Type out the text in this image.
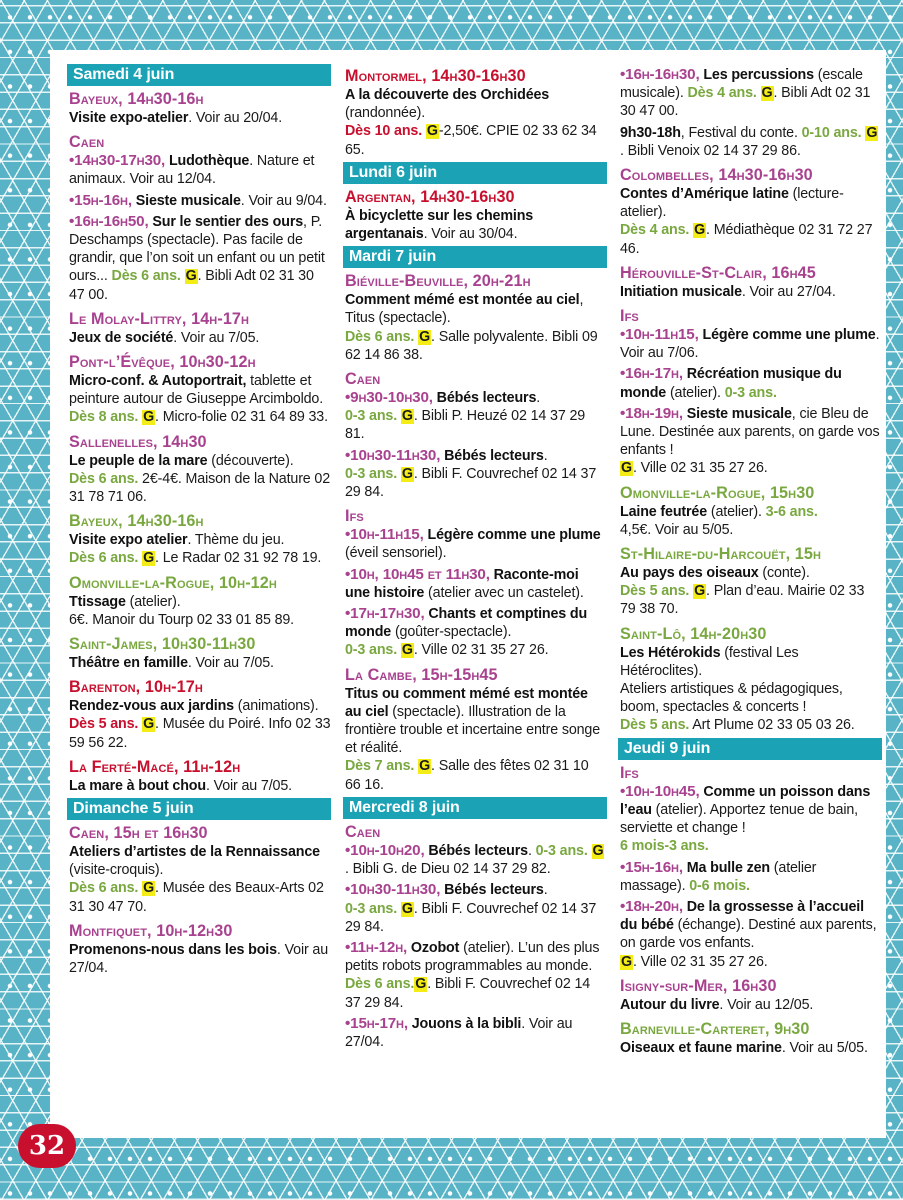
Samedi 4 juin
Bayeux, 14h30-16h
Visite expo-atelier. Voir au 20/04.
Caen
•14h30-17h30, Ludothèque. Nature et animaux. Voir au 12/04.
•15h-16h, Sieste musicale. Voir au 9/04.
•16h-16h50, Sur le sentier des ours, P. Deschamps (spectacle). Pas facile de grandir, que l’on soit un enfant ou un petit ours... Dès 6 ans. G. Bibli Adt 02 31 30 47 00.
Le Molay-Littry, 14h-17h
Jeux de société. Voir au 7/05.
Pont-l’Évêque, 10h30-12h
Micro-conf. & Autoportrait, tablette et peinture autour de Giuseppe Arcimboldo.
Dès 8 ans. G. Micro-folie 02 31 64 89 33.
Sallenelles, 14h30
Le peuple de la mare (découverte).
Dès 6 ans. 2€-4€. Maison de la Nature 02 31 78 71 06.
Bayeux, 14h30-16h
Visite expo atelier. Thème du jeu.
Dès 6 ans. G. Le Radar 02 31 92 78 19.
Omonville-la-Rogue, 10h-12h
Ttissage (atelier).
6€. Manoir du Tourp 02 33 01 85 89.
Saint-James, 10h30-11h30
Théâtre en famille. Voir au 7/05.
Barenton, 10h-17h
Rendez-vous aux jardins (animations).
Dès 5 ans. G. Musée du Poiré. Info 02 33 59 56 22.
La Ferté-Macé, 11h-12h
La mare à bout chou. Voir au 7/05.
Dimanche 5 juin
Caen, 15h et 16h30
Ateliers d’artistes de la Rennaissance (visite-croquis).
Dès 6 ans. G. Musée des Beaux-Arts 02 31 30 47 70.
Montfiquet, 10h-12h30
Promenons-nous dans les bois. Voir au 27/04.
Montormel, 14h30-16h30
A la découverte des Orchidées (randonnée).
Dès 10 ans. G-2,50€. CPIE 02 33 62 34 65.
Lundi 6 juin
Argentan, 14h30-16h30
À bicyclette sur les chemins argentanais. Voir au 30/04.
Mardi 7 juin
Biéville-Beuville, 20h-21h
Comment mémé est montée au ciel, Titus (spectacle).
Dès 6 ans. G. Salle polyvalente. Bibli 09 62 14 86 38.
Caen
•9h30-10h30, Bébés lecteurs.
0-3 ans. G. Bibli P. Heuzé 02 14 37 29 81.
•10h30-11h30, Bébés lecteurs.
0-3 ans. G. Bibli F. Couvrechef 02 14 37 29 84.
Ifs
•10h-11h15, Légère comme une plume (éveil sensoriel).
•10h, 10h45 et 11h30, Raconte-moi une histoire (atelier avec un castelet).
•17h-17h30, Chants et comptines du monde (goûter-spectacle).
0-3 ans. G. Ville 02 31 35 27 26.
La Cambe, 15h-15h45
Titus ou comment mémé est montée au ciel (spectacle). Illustration de la frontière trouble et incertaine entre songe et réalité.
Dès 7 ans. G. Salle des fêtes 02 31 10 66 16.
Mercredi 8 juin
Caen
•10h-10h20, Bébés lecteurs. 0-3 ans. G. Bibli G. de Dieu 02 14 37 29 82.
•10h30-11h30, Bébés lecteurs.
0-3 ans. G. Bibli F. Couvrechef 02 14 37 29 84.
•11h-12h, Ozobot (atelier). L’un des plus petits robots programmables au monde. Dès 6 ans.G. Bibli F. Couvrechef 02 14 37 29 84.
•15h-17h, Jouons à la bibli. Voir au 27/04.
•16h-16h30, Les percussions (escale musicale). Dès 4 ans. G. Bibli Adt 02 31 30 47 00.
9h30-18h, Festival du conte. 0-10 ans. G. Bibli Venoix 02 14 37 29 86.
Colombelles, 14h30-16h30
Contes d’Amérique latine (lecture-atelier).
Dès 4 ans. G. Médiathèque 02 31 72 27 46.
Hérouville-St-Clair, 16h45
Initiation musicale. Voir au 27/04.
Ifs
•10h-11h15, Légère comme une plume. Voir au 7/06.
•16h-17h, Récréation musique du monde (atelier). 0-3 ans.
•18h-19h, Sieste musicale, cie Bleu de Lune. Destinée aux parents, on garde vos enfants !
G. Ville 02 31 35 27 26.
Omonville-la-Rogue, 15h30
Laine feutrée (atelier). 3-6 ans.
4,5€. Voir au 5/05.
St-Hilaire-du-Harcouët, 15h
Au pays des oiseaux (conte).
Dès 5 ans. G. Plan d’eau. Mairie 02 33 79 38 70.
Saint-Lô, 14h-20h30
Les Hétérokids (festival Les Hétéroclites).
Ateliers artistiques & pédagogiques, boom, spectacles & concerts !
Dès 5 ans. Art Plume 02 33 05 03 26.
Jeudi 9 juin
Ifs
•10h-10h45, Comme un poisson dans l’eau (atelier). Apportez tenue de bain, serviette et change !
6 mois-3 ans.
•15h-16h, Ma bulle zen (atelier massage). 0-6 mois.
•18h-20h, De la grossesse à l’accueil du bébé (échange). Destiné aux parents, on garde vos enfants.
G. Ville 02 31 35 27 26.
Isigny-sur-Mer, 16h30
Autour du livre. Voir au 12/05.
Barneville-Carteret, 9h30
Oiseaux et faune marine. Voir au 5/05.
32
